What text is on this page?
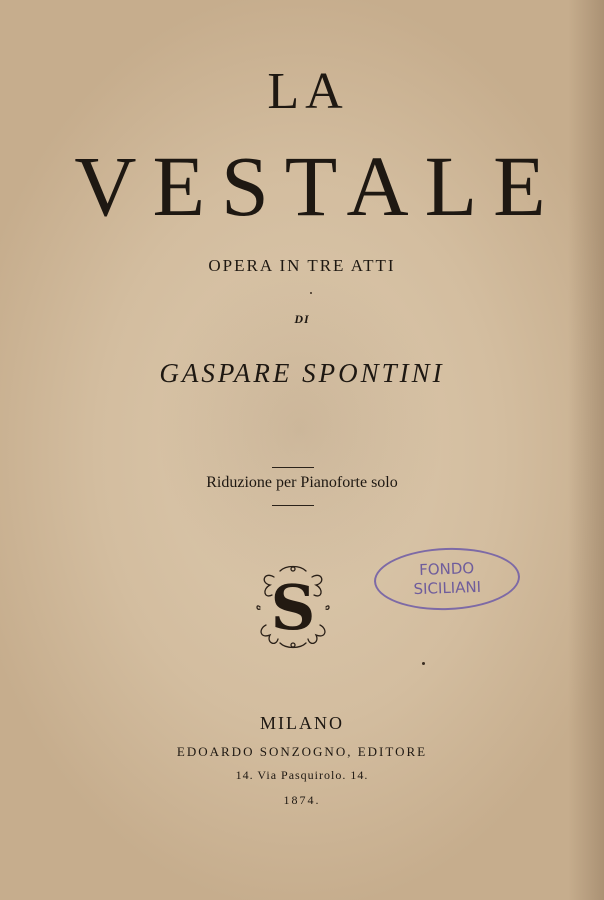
LA
VESTALE
OPERA IN TRE ATTI
DI
GASPARE SPONTINI
Riduzione per Pianoforte solo
S
FONDO
SICILIANI
MILANO
EDOARDO SONZOGNO, EDITORE
14. Via Pasquirolo. 14.
1874.
